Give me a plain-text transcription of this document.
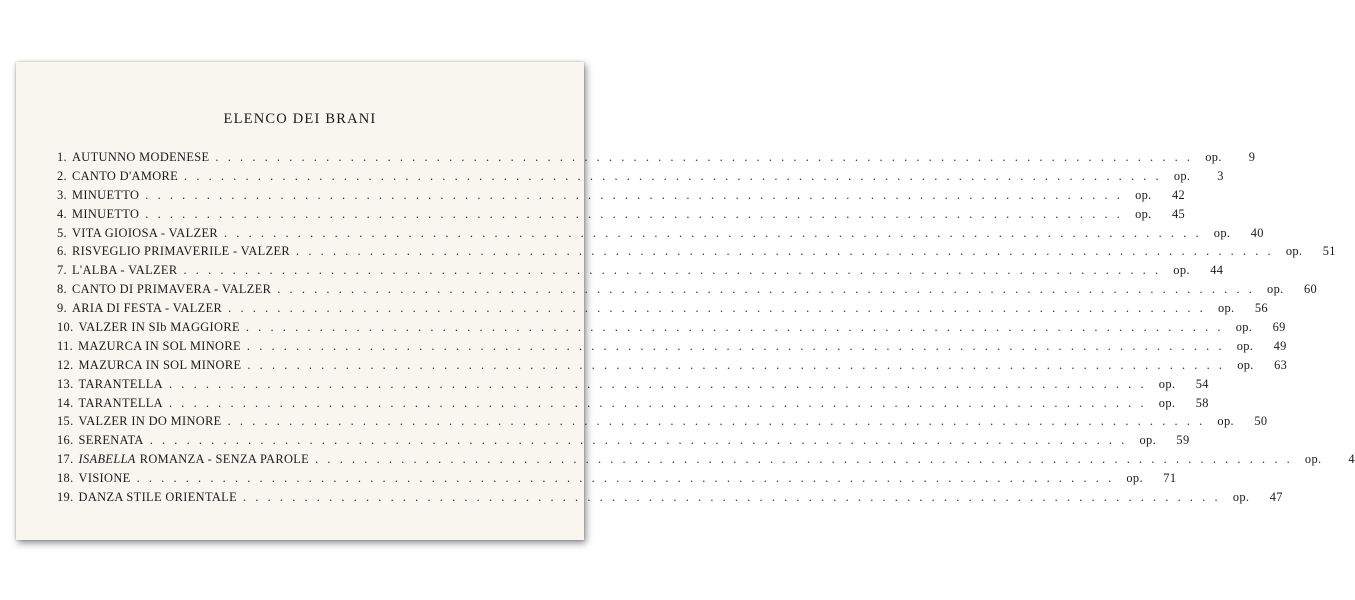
ELENCO DEI BRANI
1. AUTUNNO MODENESE ................................................................................ op. 9
2. CANTO D'AMORE ................................................................................ op. 3
3. MINUETTO ................................................................................ op. 42
4. MINUETTO ................................................................................ op. 45
5. VITA GIOIOSA - VALZER ................................................................................ op. 40
6. RISVEGLIO PRIMAVERILE - VALZER ................................................................................ op. 51
7. L'ALBA - VALZER ................................................................................ op. 44
8. CANTO DI PRIMAVERA - VALZER ................................................................................ op. 60
9. ARIA DI FESTA - VALZER ................................................................................ op. 56
10. VALZER IN SIb MAGGIORE ................................................................................ op. 69
11. MAZURCA IN SOL MINORE ................................................................................ op. 49
12. MAZURCA IN SOL MINORE ................................................................................ op. 63
13. TARANTELLA ................................................................................ op. 54
14. TARANTELLA ................................................................................ op. 58
15. VALZER IN DO MINORE ................................................................................ op. 50
16. SERENATA ................................................................................ op. 59
17. ISABELLA ROMANZA - SENZA PAROLE ................................................................................ op. 4
18. VISIONE ................................................................................ op. 71
19. DANZA STILE ORIENTALE ................................................................................ op. 47
